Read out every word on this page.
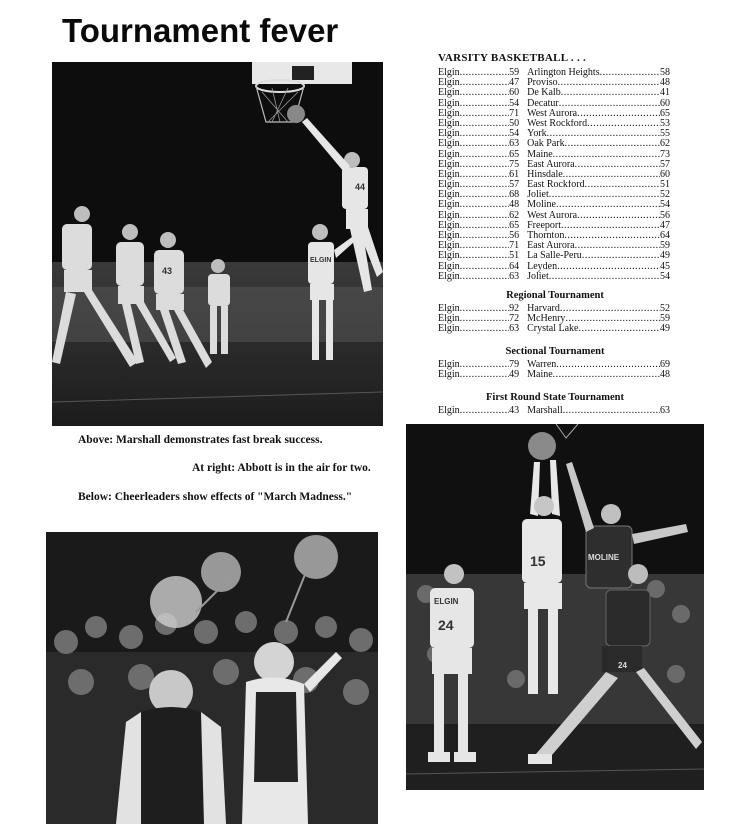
Tournament fever
44
43
ELGIN
Above: Marshall demonstrates fast break success.
At right: Abbott is in the air for two.
Below: Cheerleaders show effects of "March Madness."
15	MOLINE
ELGIN
24
24
VARSITY BASKETBALL . . .
Elgin .....	59 Arlington Heights .....	58
Elgin .....	47 Proviso .....	48
Elgin .....	60 De Kalb .....	41
Elgin .....	54 Decatur .....	60
Elgin .....	71 West Aurora .....	65
Elgin .....	50 West Rockford .....	53
Elgin .....	54 York .....	55
Elgin .....	63 Oak Park .....	62
Elgin .....	65 Maine .....	73
Elgin .....	75 East Aurora .....	57
Elgin .....	61 Hinsdale .....	60
Elgin .....	57 East Rockford .....	51
Elgin .....	68 Joliet .....	52
Elgin .....	48 Moline .....	54
Elgin .....	62 West Aurora .....	56
Elgin .....	65 Freeport .....	47
Elgin .....	56 Thornton .....	64
Elgin .....	71 East Aurora .....	59
Elgin .....	51 La Salle-Peru .....	49
Elgin .....	64 Leyden .....	45
Elgin .....	63 Joliet .....	54
Regional Tournament
Elgin .....	92 Harvard .....	52
Elgin .....	72 McHenry .....	59
Elgin .....	63 Crystal Lake .....	49
Sectional Tournament
Elgin .....	79 Warren .....	69
Elgin .....	49 Maine .....	48
First Round State Tournament
Elgin .....	43 Marshall .....	63
